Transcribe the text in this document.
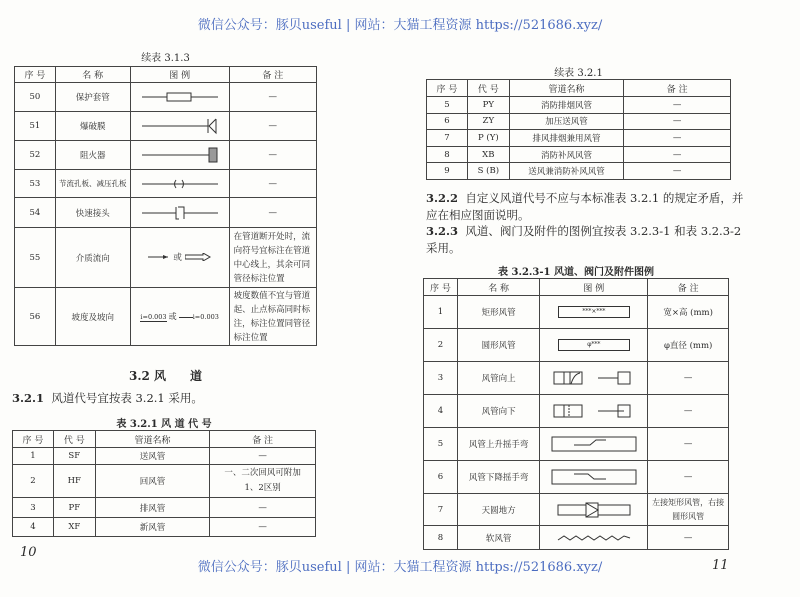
微信公众号：豚贝useful | 网站：大猫工程资源 https://521686.xyz/
续表 3.1.3
序 号	名 称	图 例	备 注
50	保护套管		—
51	爆破膜		—
52	阻火器		—
53	节流孔板、减压孔板		—
54	快速接头		—
55	介质流向	或	在管道断开处时，流向符号宜标注在管道中心线上，其余可同管径标注位置
56	坡度及坡向	i=0.003 或 i=0.003	坡度数值不宜与管道起、止点标高同时标注，标注位置同管径标注位置
3.2 风　　道
3.2.1 风道代号宜按表 3.2.1 采用。
表 3.2.1 风 道 代 号
序 号	代 号	管道名称	备 注
1	SF	送风管	—
2	HF	回风管	一、二次回风可附加1、2区别
3	PF	排风管	—
4	XF	新风管	—
10
续表 3.2.1
序 号	代 号	管道名称	备 注
5	PY	消防排烟风管	—
6	ZY	加压送风管	—
7	P (Y)	排风排烟兼用风管	—
8	XB	消防补风风管	—
9	S (B)	送风兼消防补风风管	—
3.2.2 自定义风道代号不应与本标准表 3.2.1 的规定矛盾，并
应在相应图面说明。
3.2.3 风道、阀门及附件的图例宜按表 3.2.3-1 和表 3.2.3-2
采用。
表 3.2.3-1 风道、阀门及附件图例
序 号	名 称	图 例	备 注
1	矩形风管	***×***	宽×高 (mm)
2	圆形风管	φ***	φ直径 (mm)
3	风管向上		—
4	风管向下		—
5	风管上升摇手弯		—
6	风管下降摇手弯		—
7	天圆地方		左接矩形风管，右接圆形风管
8	软风管		—
11
微信公众号：豚贝useful | 网站：大猫工程资源 https://521686.xyz/
